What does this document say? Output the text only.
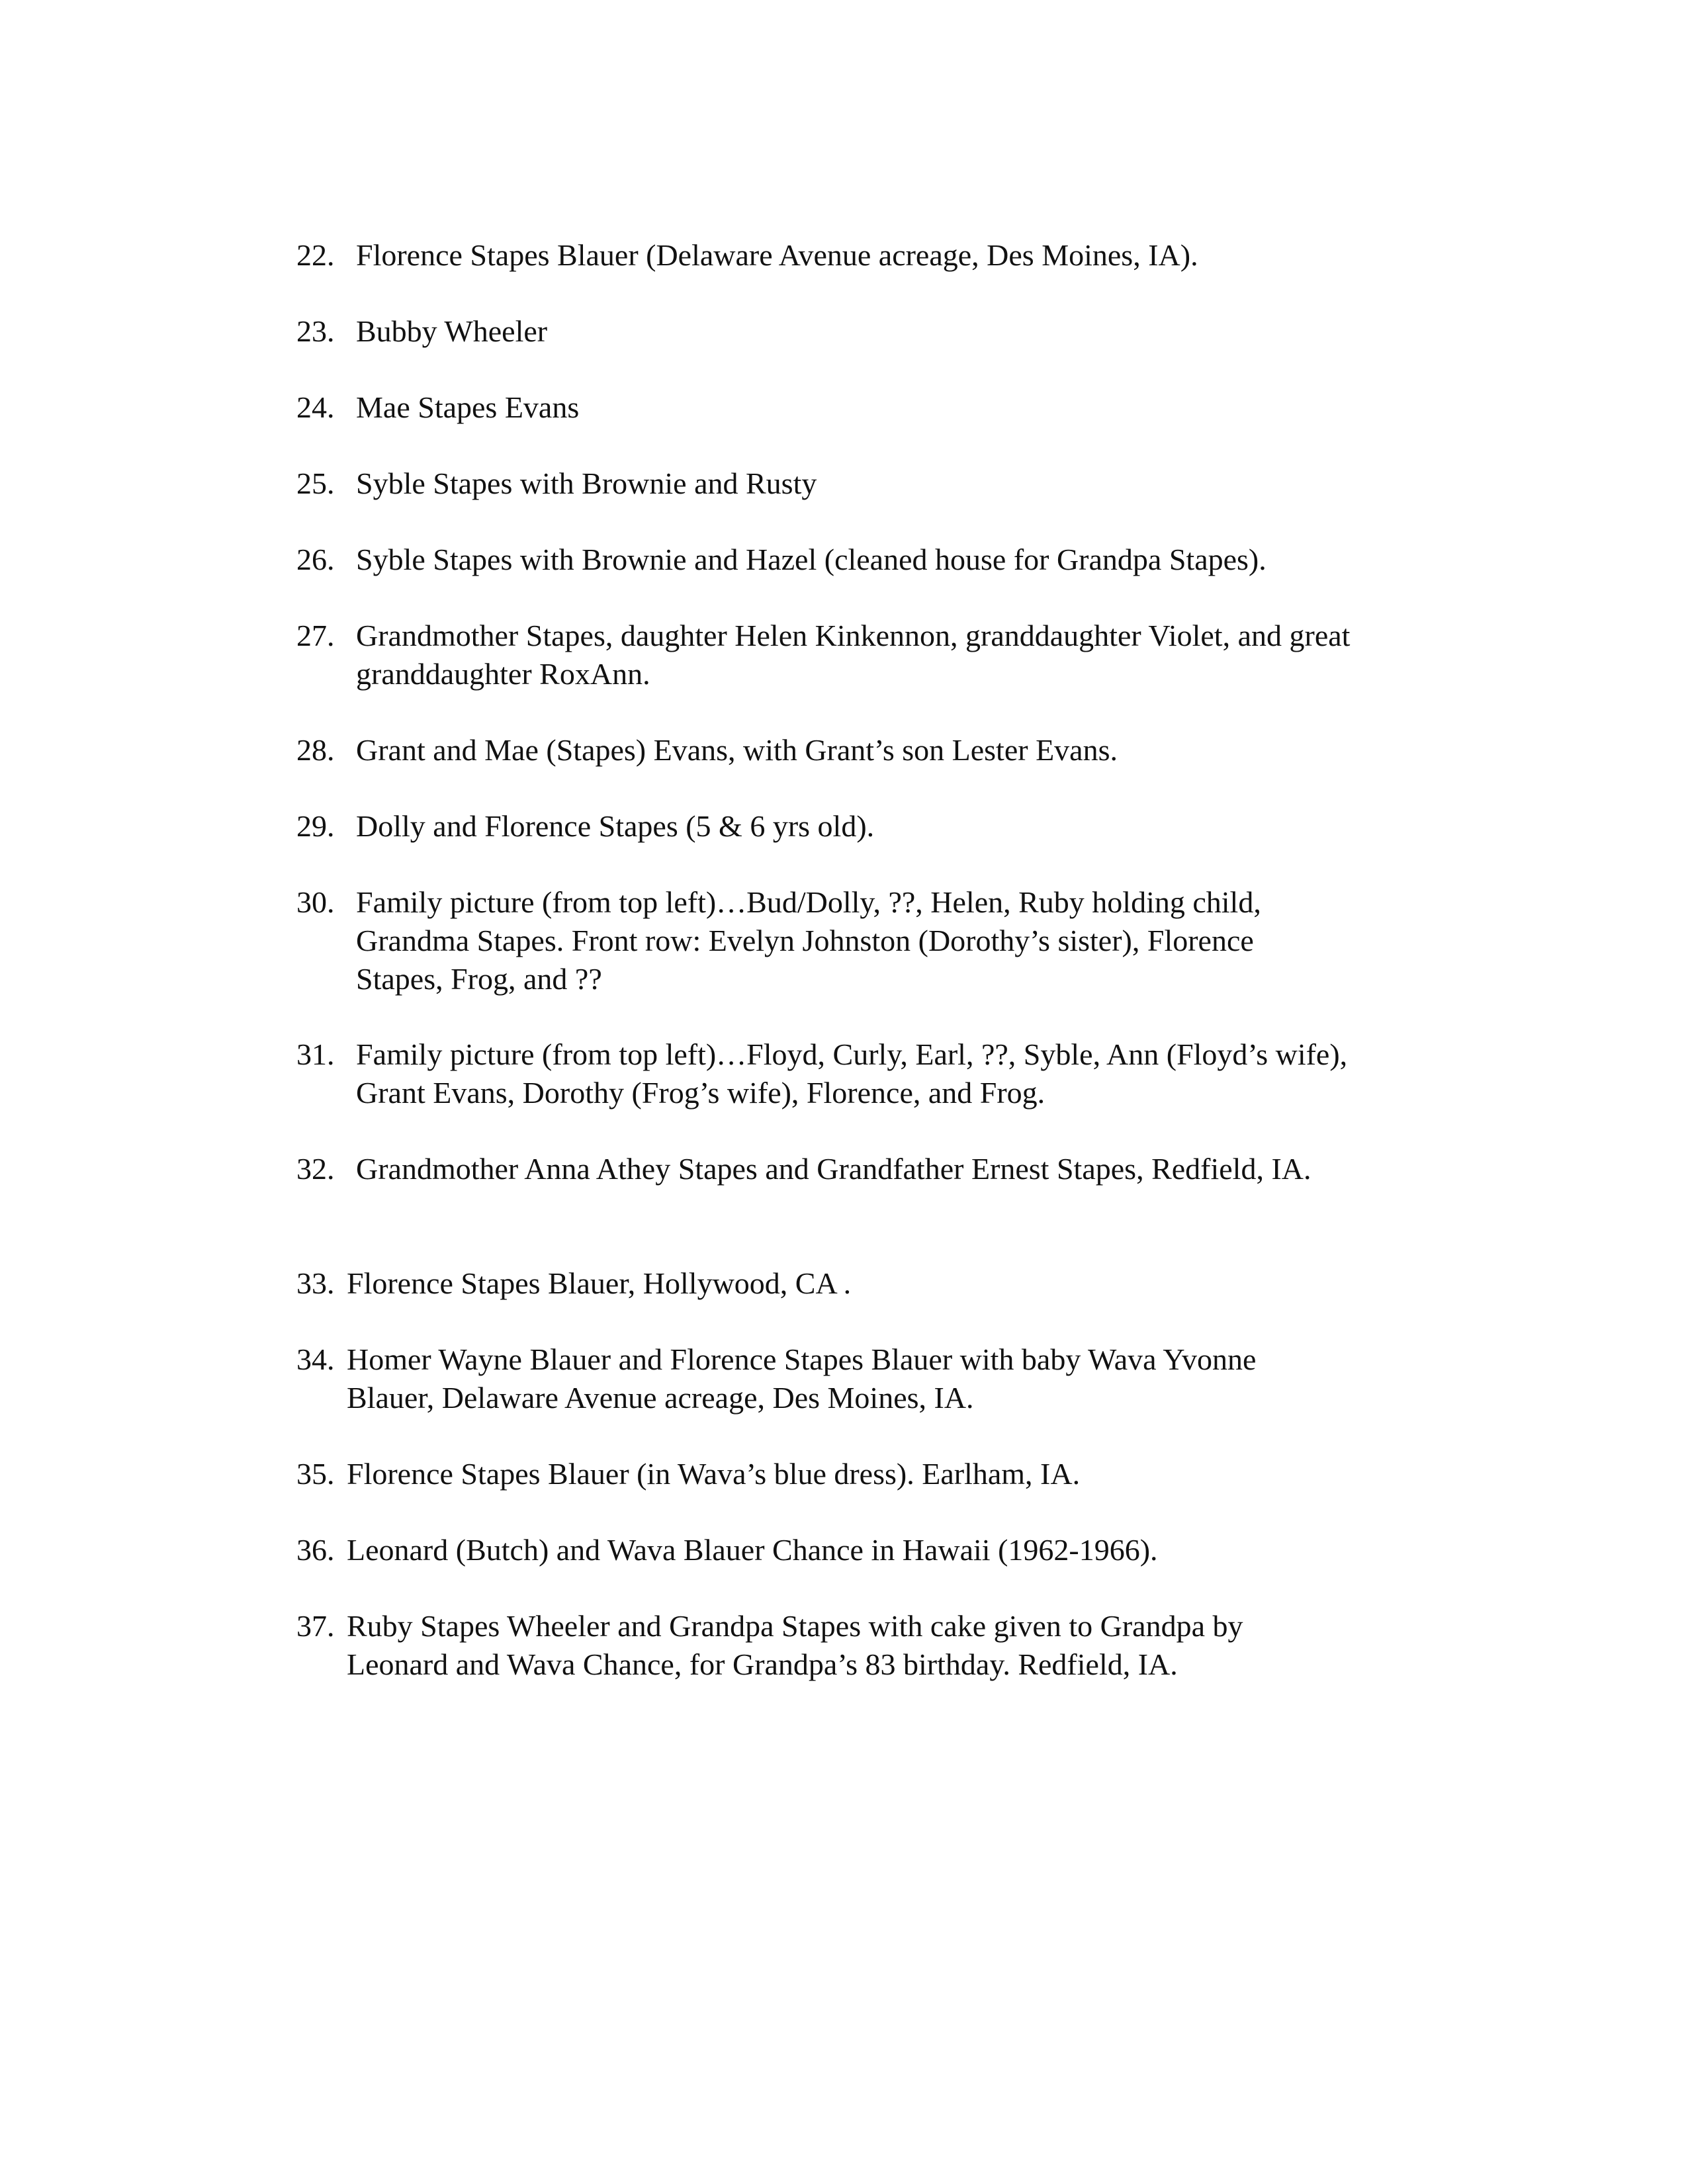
22. Florence Stapes Blauer (Delaware Avenue acreage, Des Moines, IA).
23. Bubby Wheeler
24. Mae Stapes Evans
25. Syble Stapes with Brownie and Rusty
26. Syble Stapes with Brownie and Hazel (cleaned house for Grandpa Stapes).
27. Grandmother Stapes, daughter Helen Kinkennon, granddaughter Violet, and great
granddaughter RoxAnn.
28. Grant and Mae (Stapes) Evans, with Grant’s son Lester Evans.
29. Dolly and Florence Stapes (5 & 6 yrs old).
30. Family picture (from top left)…Bud/Dolly, ??, Helen, Ruby holding child,
Grandma Stapes. Front row: Evelyn Johnston (Dorothy’s sister), Florence
Stapes, Frog, and ??
31. Family picture (from top left)…Floyd, Curly, Earl, ??, Syble, Ann (Floyd’s wife),
Grant Evans, Dorothy (Frog’s wife), Florence, and Frog.
32. Grandmother Anna Athey Stapes and Grandfather Ernest Stapes, Redfield, IA.
33. Florence Stapes Blauer, Hollywood, CA .
34. Homer Wayne Blauer and Florence Stapes Blauer with baby Wava Yvonne
Blauer, Delaware Avenue acreage, Des Moines, IA.
35. Florence Stapes Blauer (in Wava’s blue dress). Earlham, IA.
36. Leonard (Butch) and Wava Blauer Chance in Hawaii (1962-1966).
37. Ruby Stapes Wheeler and Grandpa Stapes with cake given to Grandpa by
Leonard and Wava Chance, for Grandpa’s 83 birthday. Redfield, IA.
